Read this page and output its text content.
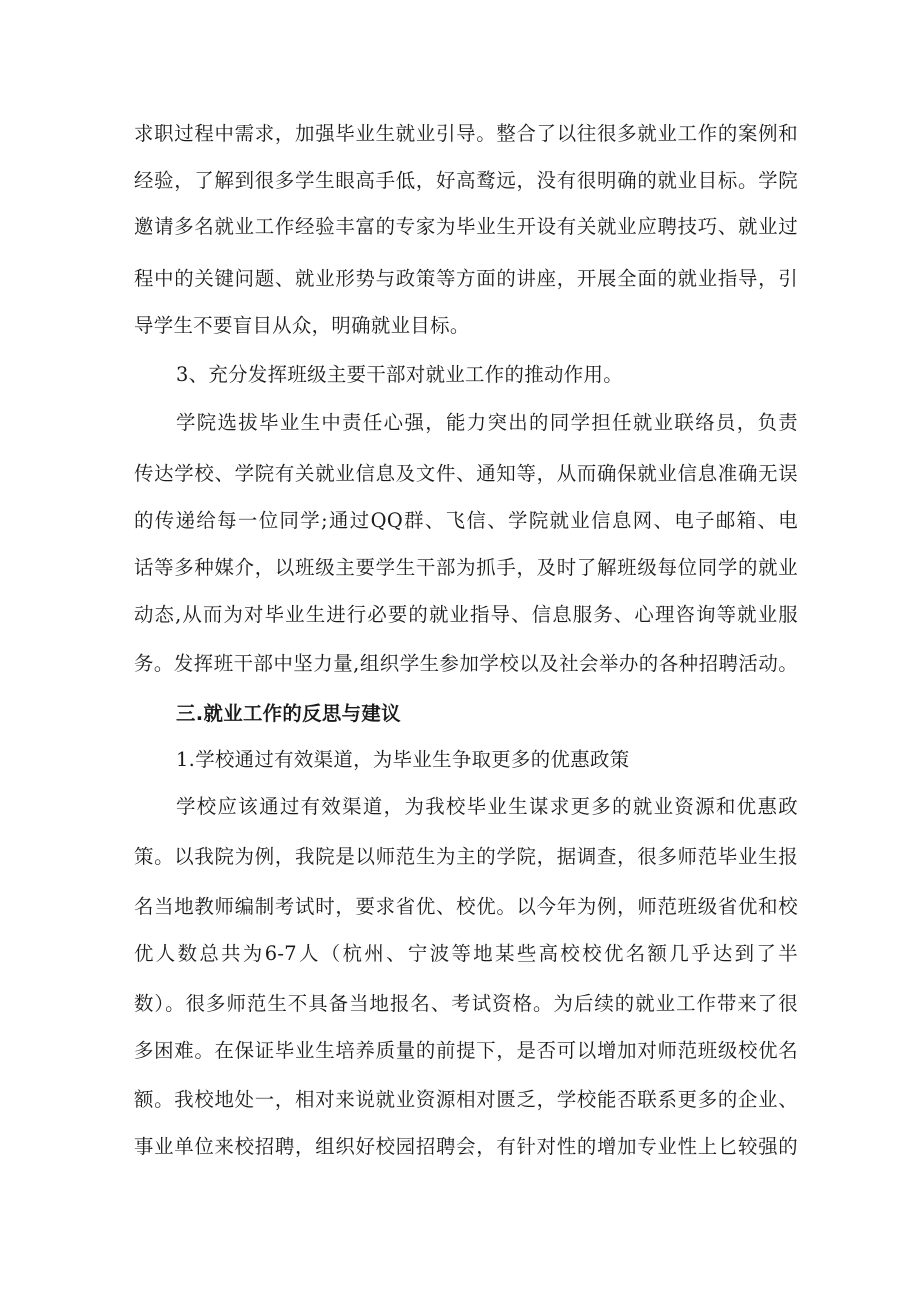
求职过程中需求，加强毕业生就业引导。整合了以往很多就业工作的案例和
经验，了解到很多学生眼高手低，好高鹜远，没有很明确的就业目标。学院
邀请多名就业工作经验丰富的专家为毕业生开设有关就业应聘技巧、就业过
程中的关键问题、就业形势与政策等方面的讲座，开展全面的就业指导，引
导学生不要盲目从众，明确就业目标。
3、充分发挥班级主要干部对就业工作的推动作用。
学院选拔毕业生中责任心强，能力突出的同学担任就业联络员，负责
传达学校、学院有关就业信息及文件、通知等，从而确保就业信息准确无误
的传递给每一位同学;通过QQ群、飞信、学院就业信息网、电子邮箱、电
话等多种媒介，以班级主要学生干部为抓手，及时了解班级每位同学的就业
动态,从而为对毕业生进行必要的就业指导、信息服务、心理咨询等就业服
务。发挥班干部中坚力量,组织学生参加学校以及社会举办的各种招聘活动。
三.就业工作的反思与建议
1.学校通过有效渠道，为毕业生争取更多的优惠政策
学校应该通过有效渠道，为我校毕业生谋求更多的就业资源和优惠政
策。以我院为例，我院是以师范生为主的学院，据调查，很多师范毕业生报
名当地教师编制考试时，要求省优、校优。以今年为例，师范班级省优和校
优人数总共为6-7人（杭州、宁波等地某些高校校优名额几乎达到了半
数）。很多师范生不具备当地报名、考试资格。为后续的就业工作带来了很
多困难。在保证毕业生培养质量的前提下，是否可以增加对师范班级校优名
额。我校地处一，相对来说就业资源相对匮乏，学校能否联系更多的企业、
事业单位来校招聘，组织好校园招聘会，有针对性的增加专业性上匕较强的
